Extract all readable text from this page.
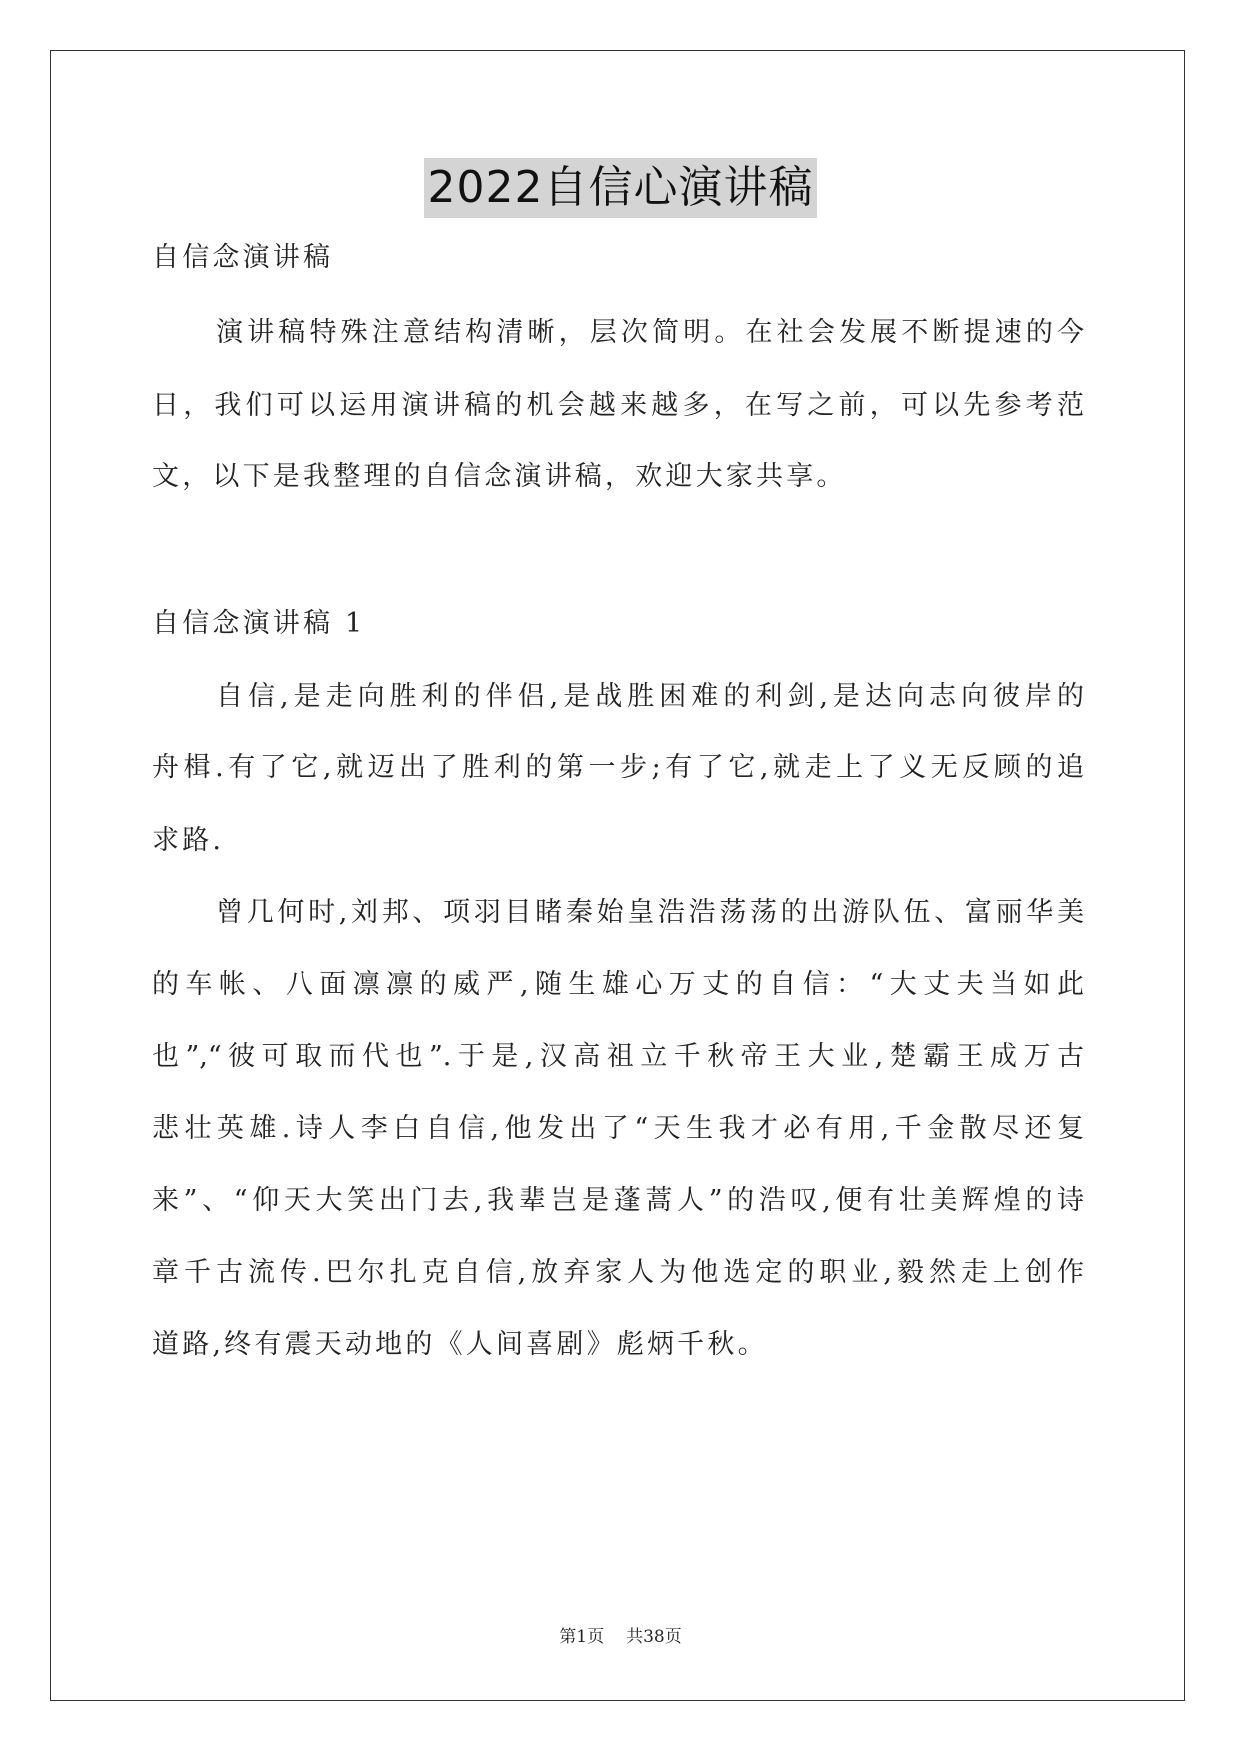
2022自信心演讲稿
自信念演讲稿
演讲稿特殊注意结构清晰，层次简明。在社会发展不断提速的今
日，我们可以运用演讲稿的机会越来越多，在写之前，可以先参考范
文，以下是我整理的自信念演讲稿，欢迎大家共享。
自信念演讲稿 1
自信,是走向胜利的伴侣,是战胜困难的利剑,是达向志向彼岸的
舟楫.有了它,就迈出了胜利的第一步;有了它,就走上了义无反顾的追
求路.
曾几何时,刘邦、项羽目睹秦始皇浩浩荡荡的出游队伍、富丽华美
的车帐、八面凛凛的威严,随生雄心万丈的自信：“大丈夫当如此
也”,“彼可取而代也”.于是,汉高祖立千秋帝王大业,楚霸王成万古
悲壮英雄.诗人李白自信,他发出了“天生我才必有用,千金散尽还复
来”、“仰天大笑出门去,我辈岂是蓬蒿人”的浩叹,便有壮美辉煌的诗
章千古流传.巴尔扎克自信,放弃家人为他选定的职业,毅然走上创作
道路,终有震天动地的《人间喜剧》彪炳千秋。
第1页 共38页
